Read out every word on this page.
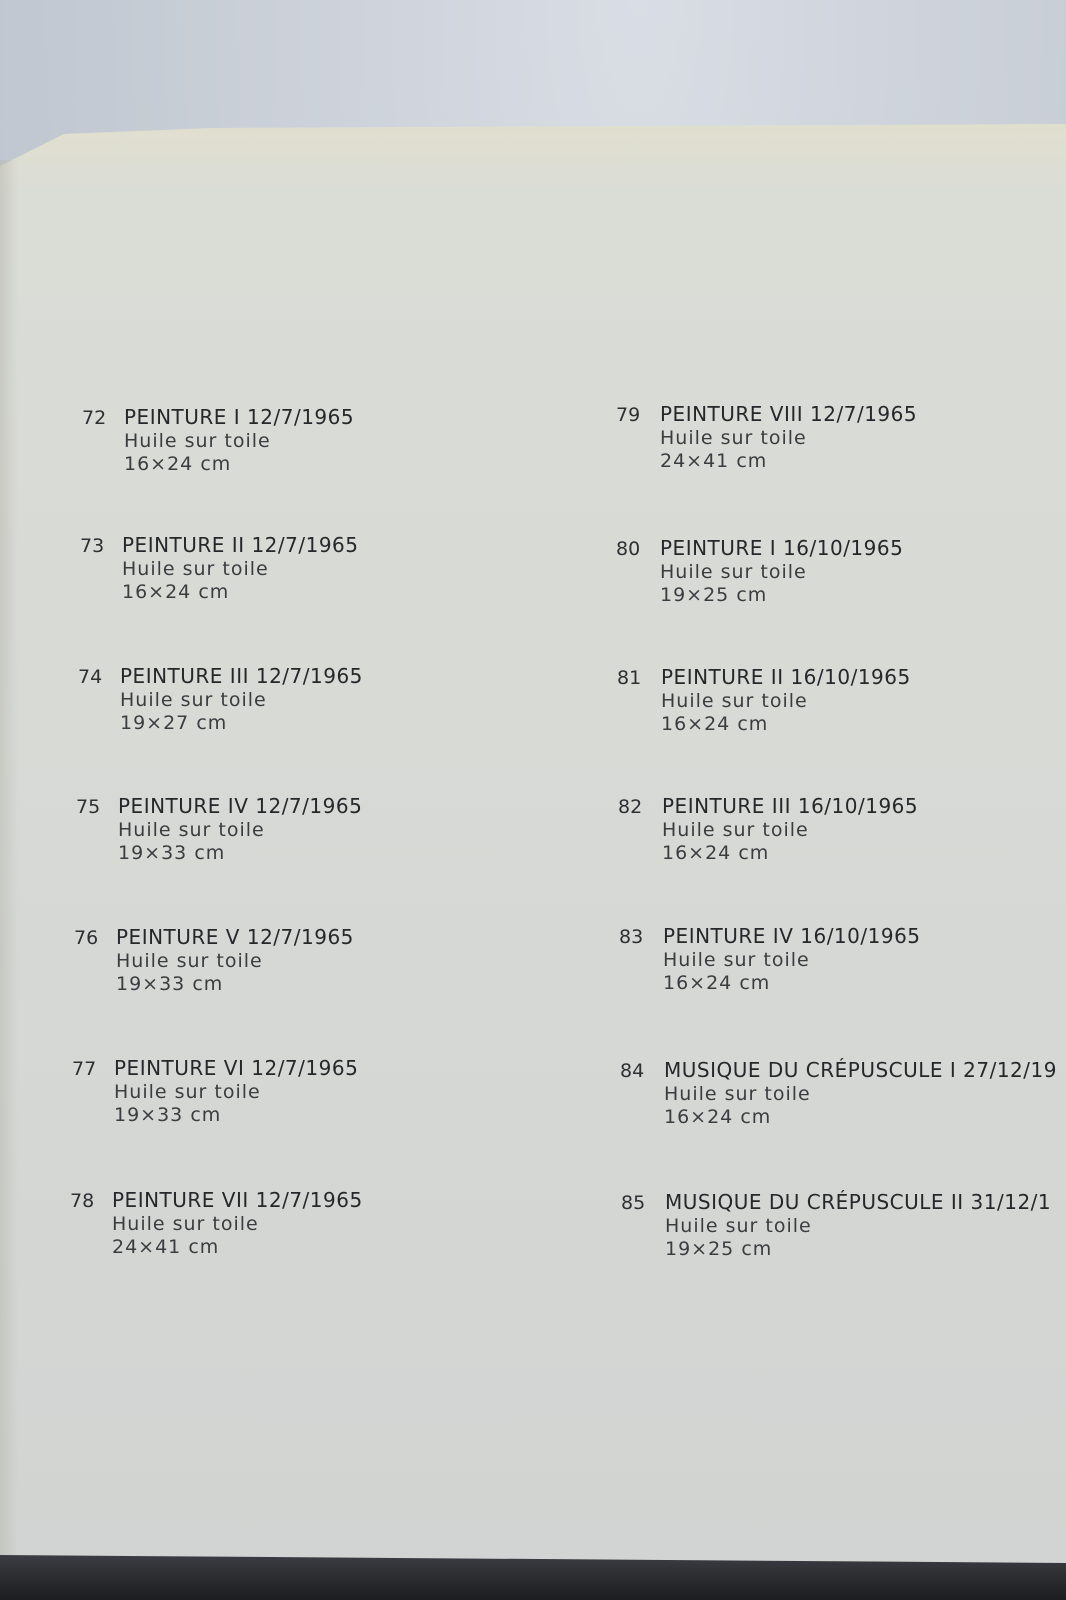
72 PEINTURE I 12/7/1965
Huile sur toile
16×24 cm
73 PEINTURE II 12/7/1965
Huile sur toile
16×24 cm
74 PEINTURE III 12/7/1965
Huile sur toile
19×27 cm
75 PEINTURE IV 12/7/1965
Huile sur toile
19×33 cm
76 PEINTURE V 12/7/1965
Huile sur toile
19×33 cm
77 PEINTURE VI 12/7/1965
Huile sur toile
19×33 cm
78 PEINTURE VII 12/7/1965
Huile sur toile
24×41 cm
79 PEINTURE VIII 12/7/1965
Huile sur toile
24×41 cm
80 PEINTURE I 16/10/1965
Huile sur toile
19×25 cm
81 PEINTURE II 16/10/1965
Huile sur toile
16×24 cm
82 PEINTURE III 16/10/1965
Huile sur toile
16×24 cm
83 PEINTURE IV 16/10/1965
Huile sur toile
16×24 cm
84 MUSIQUE DU CRÉPUSCULE I 27/12/19
Huile sur toile
16×24 cm
85 MUSIQUE DU CRÉPUSCULE II 31/12/1
Huile sur toile
19×25 cm
